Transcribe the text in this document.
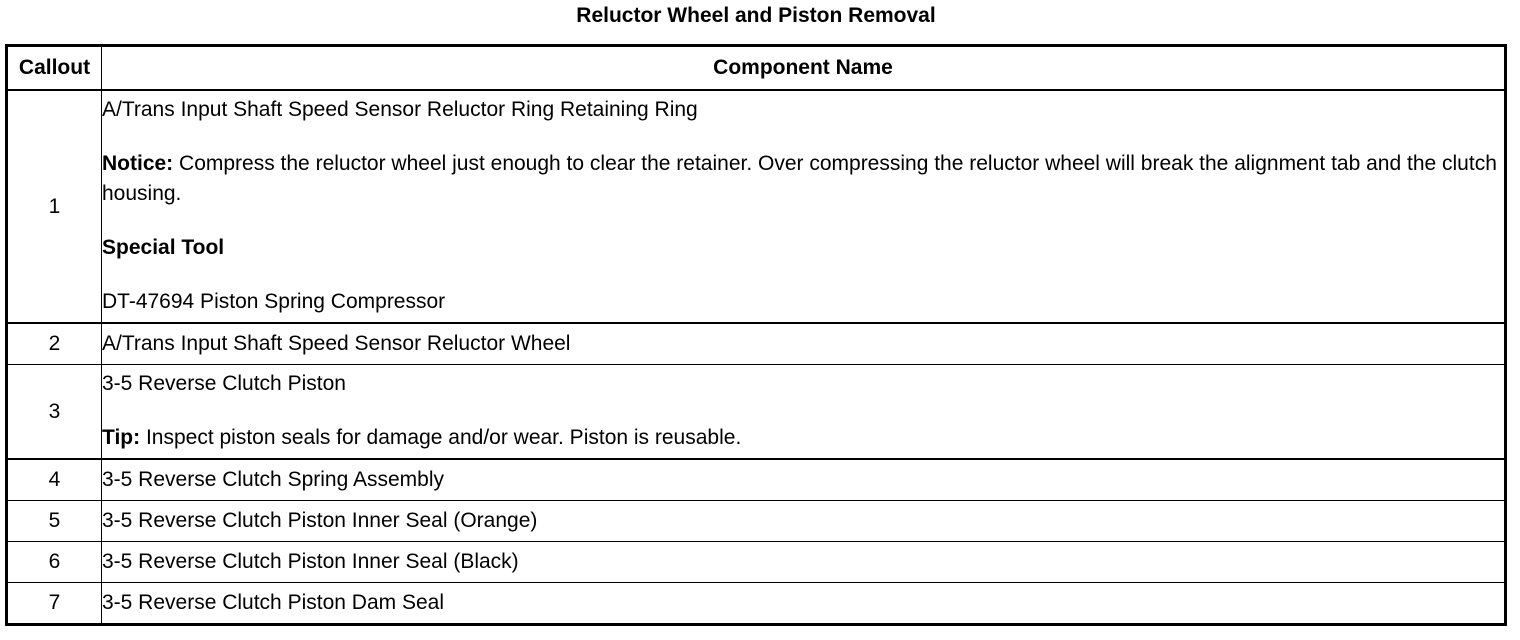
Reluctor Wheel and Piston Removal
Callout	Component Name
1	A/Trans Input Shaft Speed Sensor Reluctor Ring Retaining Ring

Notice: Compress the reluctor wheel just enough to clear the retainer. Over compressing the reluctor wheel will break the alignment tab and the clutch housing.

Special Tool

DT-47694 Piston Spring Compressor

2	A/Trans Input Shaft Speed Sensor Reluctor Wheel
3	3-5 Reverse Clutch Piston

Tip: Inspect piston seals for damage and/or wear. Piston is reusable.

4	3-5 Reverse Clutch Spring Assembly
5	3-5 Reverse Clutch Piston Inner Seal (Orange)
6	3-5 Reverse Clutch Piston Inner Seal (Black)
7	3-5 Reverse Clutch Piston Dam Seal
